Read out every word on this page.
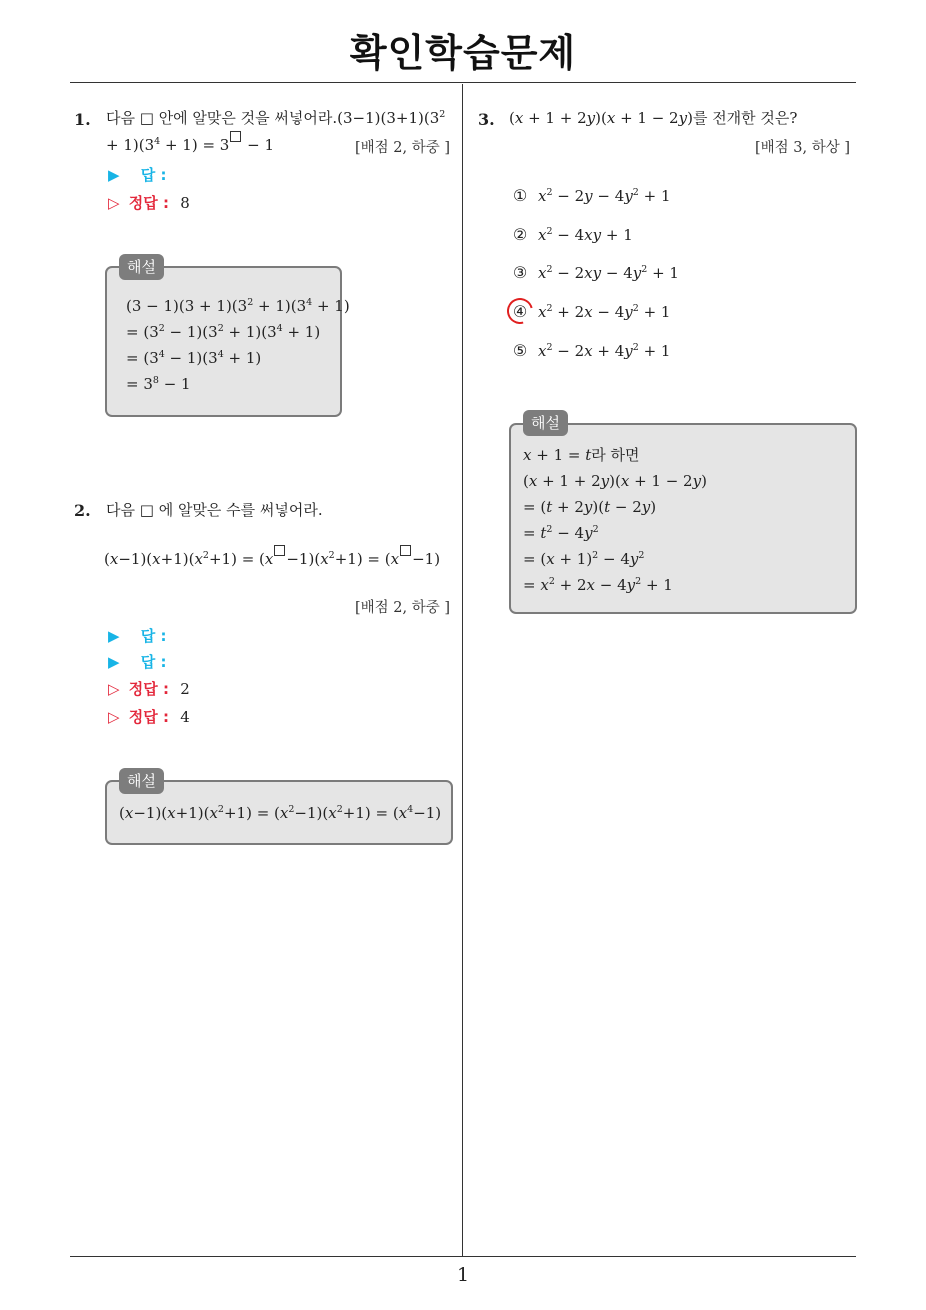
확인학습문제
1. 다음 □ 안에 알맞은 것을 써넣어라$.(3-1)(3+1)(3^2 + 1)(3^4 + 1) = 3 - 1$	[배점 2, 하중 ]
▶ 답 :
▷ 정답 : 8
$(3 - 1)(3 + 1)(3^2 + 1)(3^4 + 1)$
= $(3^2 - 1)(3^2 + 1)(3^4 + 1)$
= $(3^4 - 1)(3^4 + 1)$
= $3^8 - 1$
해설
2. 다음 □ 에 알맞은 수를 써넣어라.
$(x-1)(x+1)(x^2+1) = (x -1)(x^2+1) = (x -1)$
[배점 2, 하중 ]
▶ 답 :
▶ 답 :
▷ 정답 : 2
▷ 정답 : 4
$(x-1)(x+1)(x^2+1) = (x^2-1)(x^2+1) = (x^4-1)$
해설
3. (x + 1 + 2y)(x + 1 − 2y)를 전개한 것은?
[배점 3, 하상 ]
① $x^2 - 2y - 4y^2 + 1$
② $x^2 - 4xy + 1$
③ $x^2 - 2xy - 4y^2 + 1$
④ $x^2 + 2x - 4y^2 + 1$
⑤ $x^2 - 2x + 4y^2 + 1$
x + 1 = t라 하면
(x + 1 + 2y)(x + 1 − 2y)
= (t + 2y)(t − 2y)
= $t^2 - 4y^2$
= $(x + 1)^2 - 4y^2$
= $x^2 + 2x - 4y^2 + 1$
해설
1
